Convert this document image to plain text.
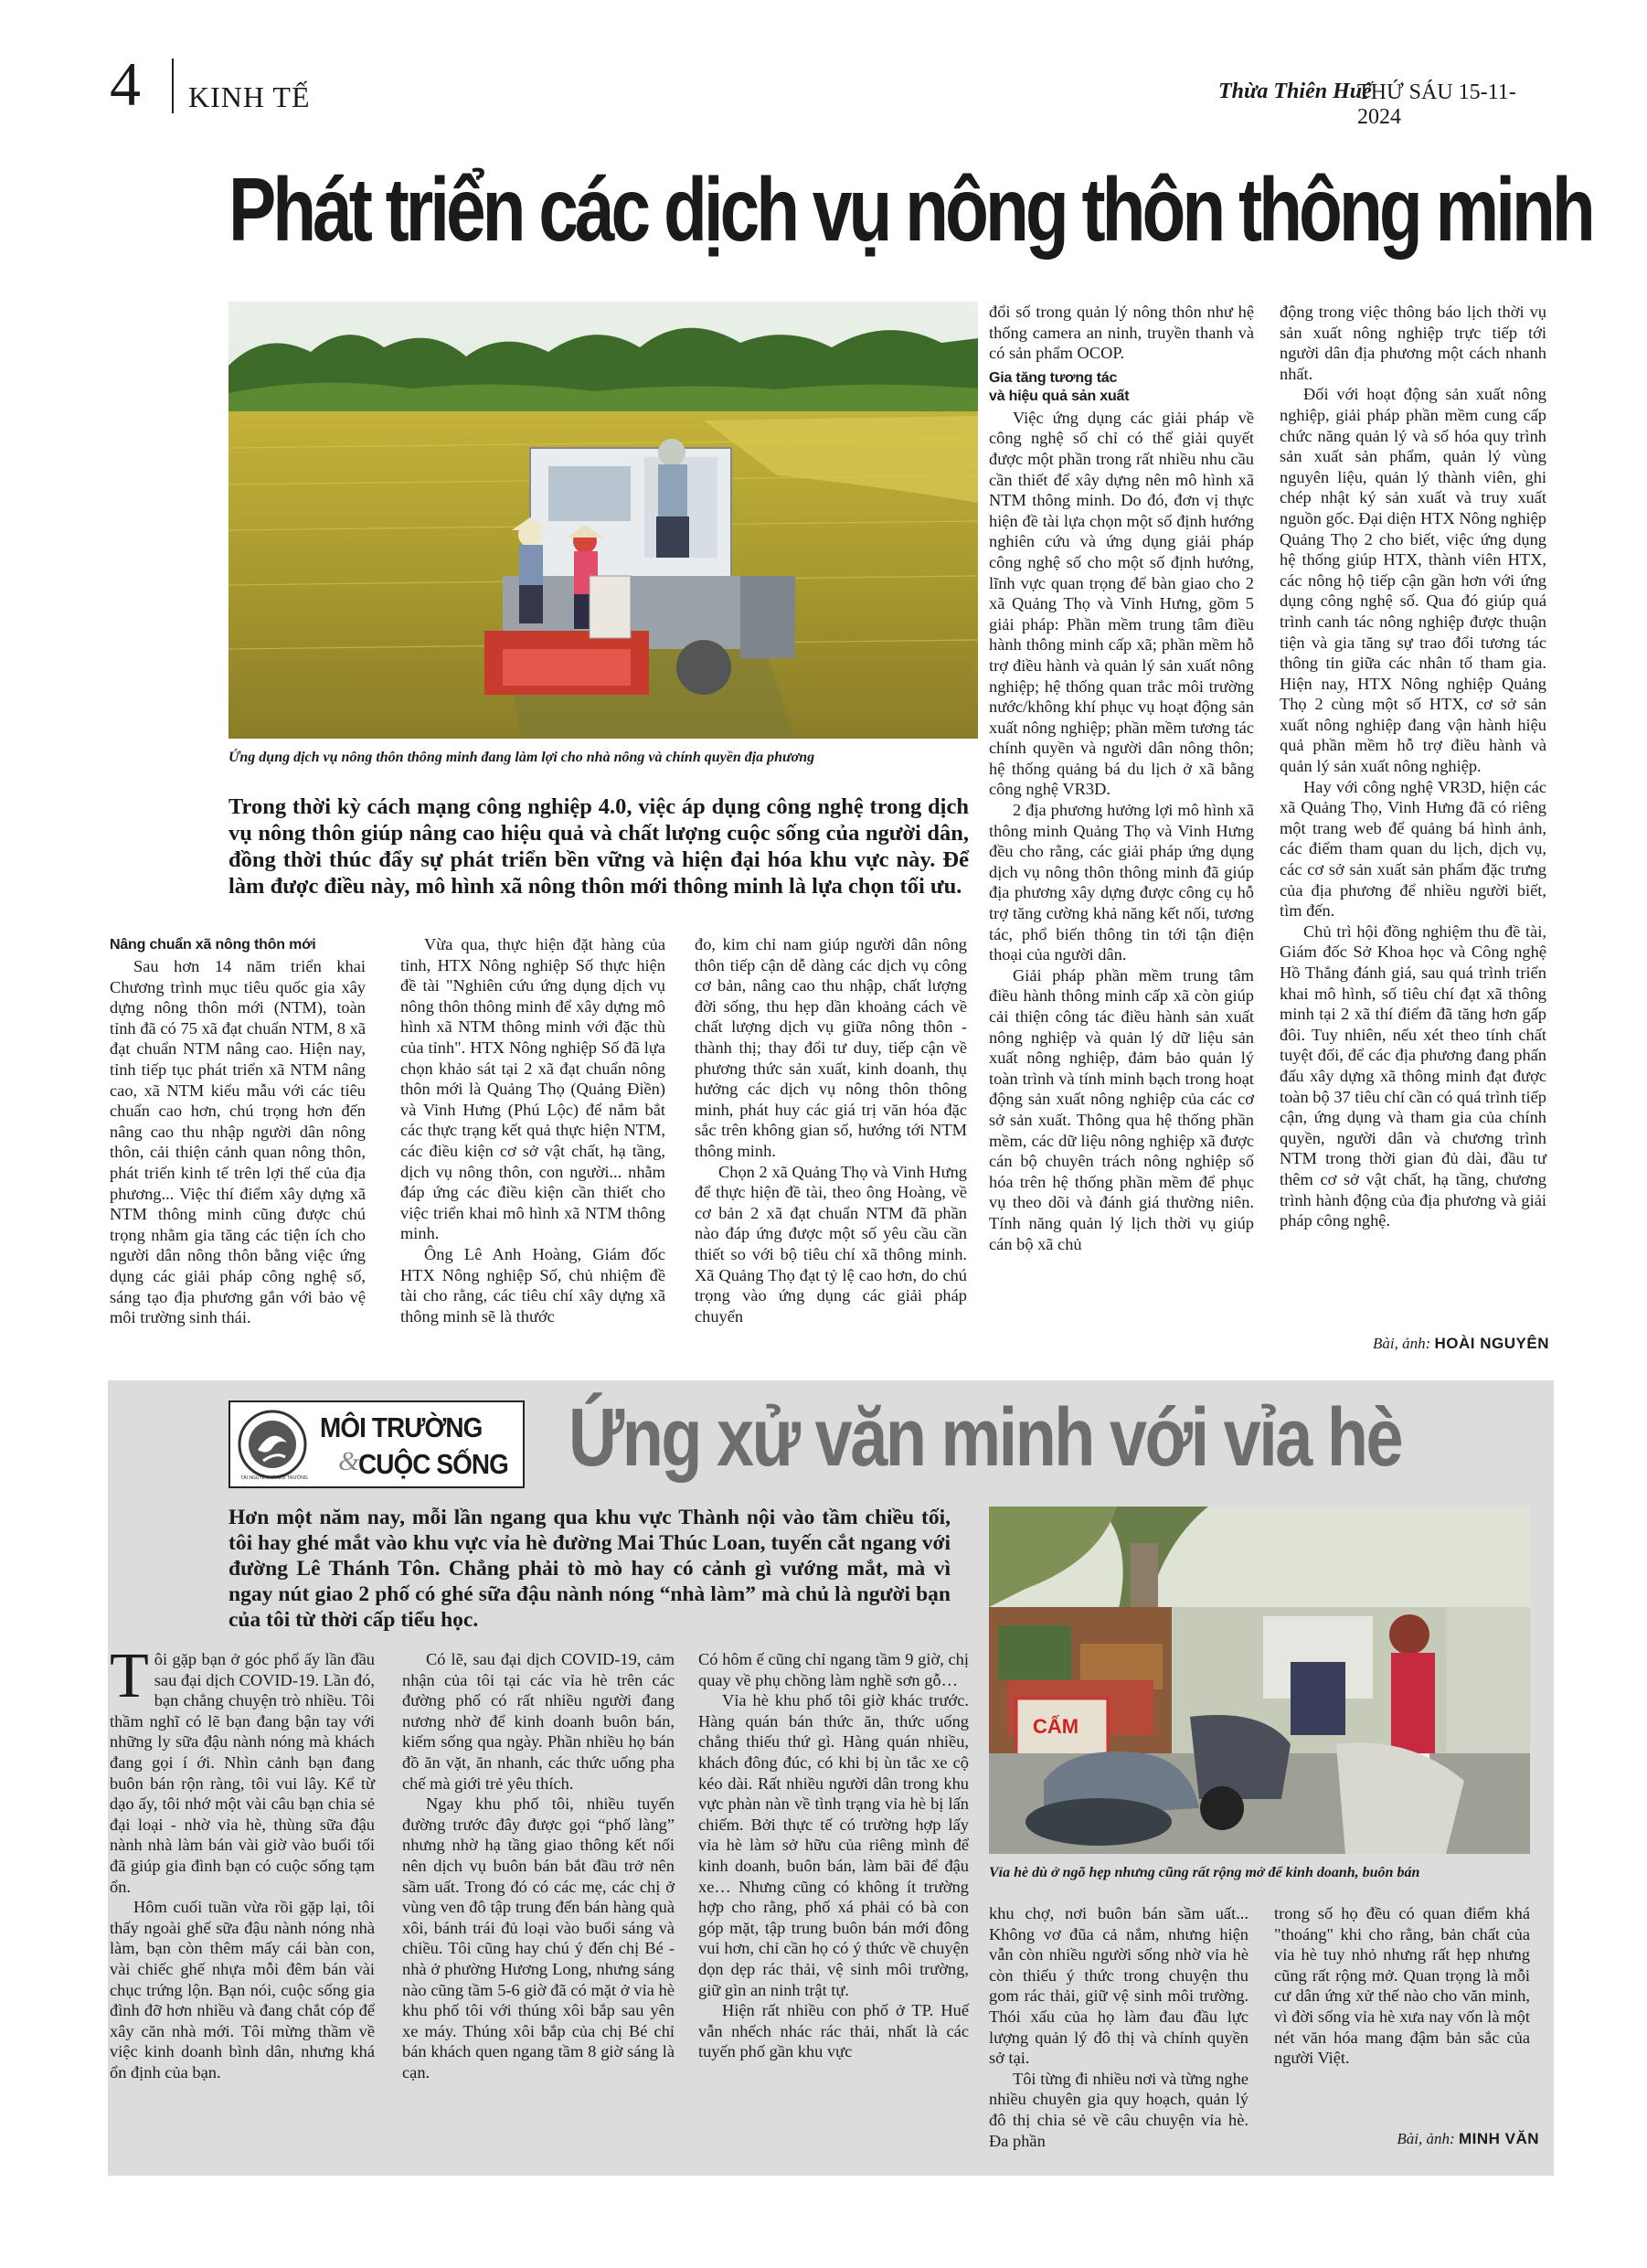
4 KINH TẾ	Thừa Thiên Huế
THỨ SÁU 15-11-2024
Phát triển các dịch vụ nông thôn thông minh
Ứng dụng dịch vụ nông thôn thông minh đang làm lợi cho nhà nông và chính quyền địa phương
Trong thời kỳ cách mạng công nghiệp 4.0, việc áp dụng công nghệ trong dịch vụ nông thôn giúp nâng cao hiệu quả và chất lượng cuộc sống của người dân, đồng thời thúc đẩy sự phát triển bền vững và hiện đại hóa khu vực này. Để làm được điều này, mô hình xã nông thôn mới thông minh là lựa chọn tối ưu.
Nâng chuẩn xã nông thôn mới

Sau hơn 14 năm triển khai Chương trình mục tiêu quốc gia xây dựng nông thôn mới (NTM), toàn tỉnh đã có 75 xã đạt chuẩn NTM, 8 xã đạt chuẩn NTM nâng cao. Hiện nay, tỉnh tiếp tục phát triển xã NTM nâng cao, xã NTM kiểu mẫu với các tiêu chuẩn cao hơn, chú trọng hơn đến nâng cao thu nhập người dân nông thôn, cải thiện cảnh quan nông thôn, phát triển kinh tế trên lợi thế của địa phương... Việc thí điểm xây dựng xã NTM thông minh cũng được chú trọng nhằm gia tăng các tiện ích cho người dân nông thôn bằng việc ứng dụng các giải pháp công nghệ số, sáng tạo địa phương gắn với bảo vệ môi trường sinh thái.

Vừa qua, thực hiện đặt hàng của tỉnh, HTX Nông nghiệp Số thực hiện đề tài "Nghiên cứu ứng dụng dịch vụ nông thôn thông minh để xây dựng mô hình xã NTM thông minh với đặc thù của tỉnh". HTX Nông nghiệp Số đã lựa chọn khảo sát tại 2 xã đạt chuẩn nông thôn mới là Quảng Thọ (Quảng Điền) và Vinh Hưng (Phú Lộc) để nắm bắt các thực trạng kết quả thực hiện NTM, các điều kiện cơ sở vật chất, hạ tầng, dịch vụ nông thôn, con người... nhằm đáp ứng các điều kiện cần thiết cho việc triển khai mô hình xã NTM thông minh.

Ông Lê Anh Hoàng, Giám đốc HTX Nông nghiệp Số, chủ nhiệm đề tài cho rằng, các tiêu chí xây dựng xã thông minh sẽ là thước

đo, kim chỉ nam giúp người dân nông thôn tiếp cận dễ dàng các dịch vụ công cơ bản, nâng cao thu nhập, chất lượng đời sống, thu hẹp dần khoảng cách về chất lượng dịch vụ giữa nông thôn - thành thị; thay đổi tư duy, tiếp cận về phương thức sản xuất, kinh doanh, thụ hưởng các dịch vụ nông thôn thông minh, phát huy các giá trị văn hóa đặc sắc trên không gian số, hướng tới NTM thông minh.

Chọn 2 xã Quảng Thọ và Vinh Hưng để thực hiện đề tài, theo ông Hoàng, về cơ bản 2 xã đạt chuẩn NTM đã phần nào đáp ứng được một số yêu cầu cần thiết so với bộ tiêu chí xã thông minh. Xã Quảng Thọ đạt tỷ lệ cao hơn, do chú trọng vào ứng dụng các giải pháp chuyển

đổi số trong quản lý nông thôn như hệ thống camera an ninh, truyền thanh và có sản phẩm OCOP.

Gia tăng tương tác
và hiệu quả sản xuất

Việc ứng dụng các giải pháp về công nghệ số chỉ có thể giải quyết được một phần trong rất nhiều nhu cầu cần thiết để xây dựng nên mô hình xã NTM thông minh. Do đó, đơn vị thực hiện đề tài lựa chọn một số định hướng nghiên cứu và ứng dụng giải pháp công nghệ số cho một số định hướng, lĩnh vực quan trọng để bàn giao cho 2 xã Quảng Thọ và Vinh Hưng, gồm 5 giải pháp: Phần mềm trung tâm điều hành thông minh cấp xã; phần mềm hỗ trợ điều hành và quản lý sản xuất nông nghiệp; hệ thống quan trắc môi trường nước/không khí phục vụ hoạt động sản xuất nông nghiệp; phần mềm tương tác chính quyền và người dân nông thôn; hệ thống quảng bá du lịch ở xã bằng công nghệ VR3D.

2 địa phương hưởng lợi mô hình xã thông minh Quảng Thọ và Vinh Hưng đều cho rằng, các giải pháp ứng dụng dịch vụ nông thôn thông minh đã giúp địa phương xây dựng được công cụ hỗ trợ tăng cường khả năng kết nối, tương tác, phổ biến thông tin tới tận điện thoại của người dân.

Giải pháp phần mềm trung tâm điều hành thông minh cấp xã còn giúp cải thiện công tác điều hành sản xuất nông nghiệp và quản lý dữ liệu sản xuất nông nghiệp, đảm bảo quản lý toàn trình và tính minh bạch trong hoạt động sản xuất nông nghiệp của các cơ sở sản xuất. Thông qua hệ thống phần mềm, các dữ liệu nông nghiệp xã được cán bộ chuyên trách nông nghiệp số hóa trên hệ thống phần mềm để phục vụ theo dõi và đánh giá thường niên. Tính năng quản lý lịch thời vụ giúp cán bộ xã chủ

động trong việc thông báo lịch thời vụ sản xuất nông nghiệp trực tiếp tới người dân địa phương một cách nhanh nhất.

Đối với hoạt động sản xuất nông nghiệp, giải pháp phần mềm cung cấp chức năng quản lý và số hóa quy trình sản xuất sản phẩm, quản lý vùng nguyên liệu, quản lý thành viên, ghi chép nhật ký sản xuất và truy xuất nguồn gốc. Đại diện HTX Nông nghiệp Quảng Thọ 2 cho biết, việc ứng dụng hệ thống giúp HTX, thành viên HTX, các nông hộ tiếp cận gần hơn với ứng dụng công nghệ số. Qua đó giúp quá trình canh tác nông nghiệp được thuận tiện và gia tăng sự trao đổi tương tác thông tin giữa các nhân tố tham gia. Hiện nay, HTX Nông nghiệp Quảng Thọ 2 cùng một số HTX, cơ sở sản xuất nông nghiệp đang vận hành hiệu quả phần mềm hỗ trợ điều hành và quản lý sản xuất nông nghiệp.

Hay với công nghệ VR3D, hiện các xã Quảng Thọ, Vinh Hưng đã có riêng một trang web để quảng bá hình ảnh, các điểm tham quan du lịch, dịch vụ, các cơ sở sản xuất sản phẩm đặc trưng của địa phương để nhiều người biết, tìm đến.

Chủ trì hội đồng nghiệm thu đề tài, Giám đốc Sở Khoa học và Công nghệ Hồ Thắng đánh giá, sau quá trình triển khai mô hình, số tiêu chí đạt xã thông minh tại 2 xã thí điểm đã tăng hơn gấp đôi. Tuy nhiên, nếu xét theo tính chất tuyệt đối, để các địa phương đang phấn đấu xây dựng xã thông minh đạt được toàn bộ 37 tiêu chí cần có quá trình tiếp cận, ứng dụng và tham gia của chính quyền, người dân và chương trình NTM trong thời gian đủ dài, đầu tư thêm cơ sở vật chất, hạ tầng, chương trình hành động của địa phương và giải pháp công nghệ.

Bài, ảnh: HOÀI NGUYÊN
TÀI NGUYÊN VÀ MÔI TRƯỜNG
MÔI TRƯỜNG
&
CUỘC SỐNG Ứng xử văn minh với vỉa hè
Hơn một năm nay, mỗi lần ngang qua khu vực Thành nội vào tầm chiều tối, tôi hay ghé mắt vào khu vực vỉa hè đường Mai Thúc Loan, tuyến cắt ngang với đường Lê Thánh Tôn. Chẳng phải tò mò hay có cảnh gì vướng mắt, mà vì ngay nút giao 2 phố có ghé sữa đậu nành nóng “nhà làm” mà chủ là người bạn của tôi từ thời cấp tiểu học.
CẤM
Vỉa hè dù ở ngõ hẹp nhưng cũng rất rộng mở để kinh doanh, buôn bán

Tôi gặp bạn ở góc phố ấy lần đầu sau đại dịch COVID-19. Lần đó, bạn chẳng chuyện trò nhiều. Tôi thầm nghĩ có lẽ bạn đang bận tay với những ly sữa đậu nành nóng mà khách đang gọi í ới. Nhìn cảnh bạn đang buôn bán rộn ràng, tôi vui lây. Kể từ dạo ấy, tôi nhớ một vài câu bạn chia sẻ đại loại - nhờ vỉa hè, thùng sữa đậu nành nhà làm bán vài giờ vào buổi tối đã giúp gia đình bạn có cuộc sống tạm ổn.

Hôm cuối tuần vừa rồi gặp lại, tôi thấy ngoài ghế sữa đậu nành nóng nhà làm, bạn còn thêm mấy cái bàn con, vài chiếc ghế nhựa mỗi đêm bán vài chục trứng lộn. Bạn nói, cuộc sống gia đình đỡ hơn nhiều và đang chắt cóp để xây căn nhà mới. Tôi mừng thầm về việc kinh doanh bình dân, nhưng khá ổn định của bạn.

Có lẽ, sau đại dịch COVID-19, cảm nhận của tôi tại các vỉa hè trên các đường phố có rất nhiều người đang nương nhờ để kinh doanh buôn bán, kiếm sống qua ngày. Phần nhiều họ bán đồ ăn vặt, ăn nhanh, các thức uống pha chế mà giới trẻ yêu thích.

Ngay khu phố tôi, nhiều tuyến đường trước đây được gọi “phố làng” nhưng nhờ hạ tầng giao thông kết nối nên dịch vụ buôn bán bắt đầu trở nên sầm uất. Trong đó có các mẹ, các chị ở vùng ven đô tập trung đến bán hàng quà xôi, bánh trái đủ loại vào buổi sáng và chiều. Tôi cũng hay chú ý đến chị Bé - nhà ở phường Hương Long, nhưng sáng nào cũng tầm 5-6 giờ đã có mặt ở vỉa hè khu phố tôi với thúng xôi bắp sau yên xe máy. Thúng xôi bắp của chị Bé chỉ bán khách quen ngang tầm 8 giờ sáng là cạn.

Có hôm ế cũng chỉ ngang tầm 9 giờ, chị quay về phụ chồng làm nghề sơn gỗ…

Vỉa hè khu phố tôi giờ khác trước. Hàng quán bán thức ăn, thức uống chẳng thiếu thứ gì. Hàng quán nhiều, khách đông đúc, có khi bị ùn tắc xe cộ kéo dài. Rất nhiều người dân trong khu vực phàn nàn về tình trạng vỉa hè bị lấn chiếm. Bởi thực tế có trường hợp lấy vỉa hè làm sở hữu của riêng mình để kinh doanh, buôn bán, làm bãi để đậu xe… Nhưng cũng có không ít trường hợp cho rằng, phố xá phải có bà con góp mặt, tập trung buôn bán mới đông vui hơn, chỉ cần họ có ý thức về chuyện dọn dẹp rác thải, vệ sinh môi trường, giữ gìn an ninh trật tự.

Hiện rất nhiều con phố ở TP. Huế vẫn nhếch nhác rác thải, nhất là các tuyến phố gần khu vực

khu chợ, nơi buôn bán sầm uất... Không vơ đũa cả nắm, nhưng hiện vẫn còn nhiều người sống nhờ vỉa hè còn thiếu ý thức trong chuyện thu gom rác thải, giữ vệ sinh môi trường. Thói xấu của họ làm đau đầu lực lượng quản lý đô thị và chính quyền sở tại.

Tôi từng đi nhiều nơi và từng nghe nhiều chuyên gia quy hoạch, quản lý đô thị chia sẻ về câu chuyện vỉa hè. Đa phần

trong số họ đều có quan điểm khá "thoáng" khi cho rằng, bản chất của vỉa hè tuy nhỏ nhưng rất hẹp nhưng cũng rất rộng mở. Quan trọng là mỗi cư dân ứng xử thế nào cho văn minh, vì đời sống vỉa hè xưa nay vốn là một nét văn hóa mang đậm bản sắc của người Việt.

Bài, ảnh: MINH VĂN
